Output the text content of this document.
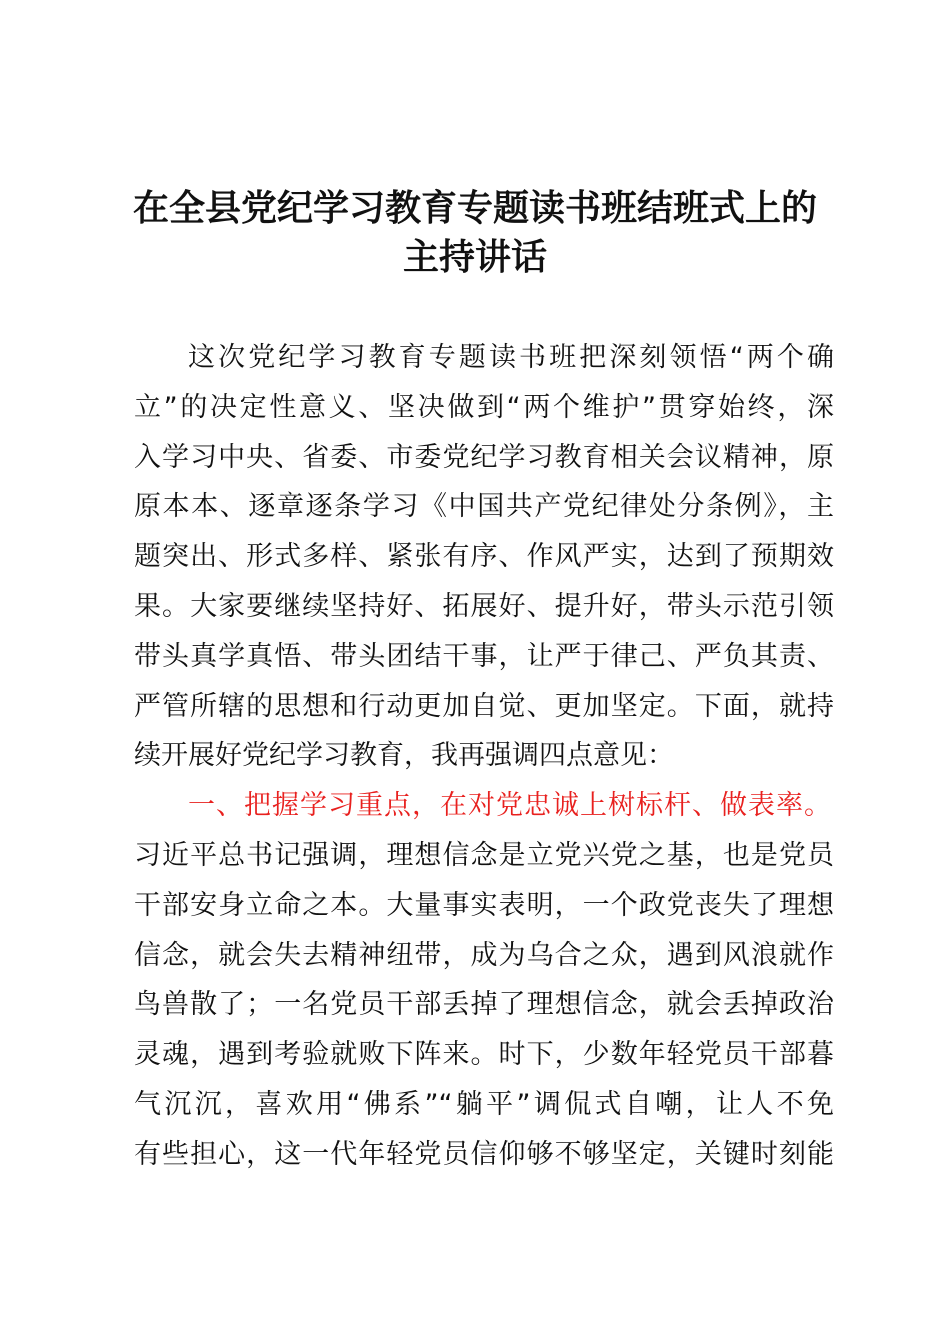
在全县党纪学习教育专题读书班结班式上的
主持讲话
这次党纪学习教育专题读书班把深刻领悟“两个确
立”的决定性意义、坚决做到“两个维护”贯穿始终，深
入学习中央、省委、市委党纪学习教育相关会议精神，原
原本本、逐章逐条学习《中国共产党纪律处分条例》，主
题突出、形式多样、紧张有序、作风严实，达到了预期效
果。大家要继续坚持好、拓展好、提升好，带头示范引领
带头真学真悟、带头团结干事，让严于律己、严负其责、
严管所辖的思想和行动更加自觉、更加坚定。下面，就持
续开展好党纪学习教育，我再强调四点意见：
一、把握学习重点，在对党忠诚上树标杆、做表率。
习近平总书记强调，理想信念是立党兴党之基，也是党员
干部安身立命之本。大量事实表明，一个政党丧失了理想
信念，就会失去精神纽带，成为乌合之众，遇到风浪就作
鸟兽散了；一名党员干部丢掉了理想信念，就会丢掉政治
灵魂，遇到考验就败下阵来。时下，少数年轻党员干部暮
气沉沉，喜欢用“佛系”“躺平”调侃式自嘲，让人不免
有些担心，这一代年轻党员信仰够不够坚定，关键时刻能
